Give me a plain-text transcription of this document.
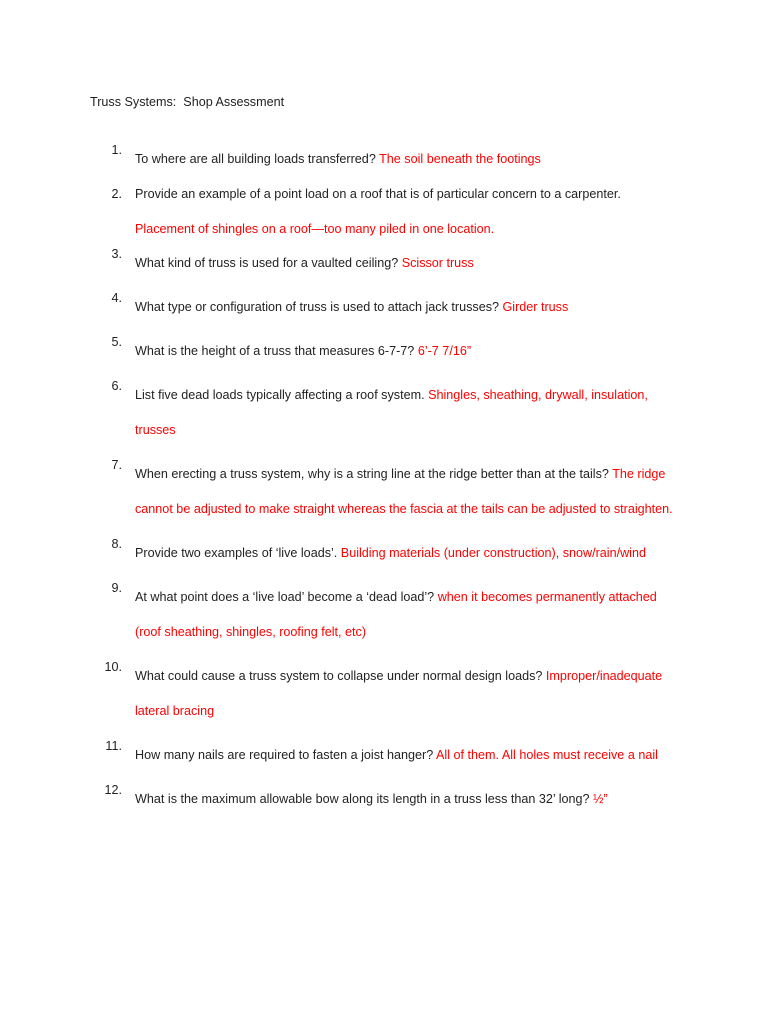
Truss Systems:  Shop Assessment
1.
To where are all building loads transferred? The soil beneath the footings
2. Provide an example of a point load on a roof that is of particular concern to a carpenter.
Placement of shingles on a roof—too many piled in one location.
3.
What kind of truss is used for a vaulted ceiling? Scissor truss
4.
What type or configuration of truss is used to attach jack trusses? Girder truss
5.
What is the height of a truss that measures 6-7-7? 6’-7 7/16”
6.
List five dead loads typically affecting a roof system. Shingles, sheathing, drywall, insulation, trusses
7.
When erecting a truss system, why is a string line at the ridge better than at the tails? The ridge cannot be adjusted to make straight whereas the fascia at the tails can be adjusted to straighten.
8.
Provide two examples of ‘live loads’. Building materials (under construction), snow/rain/wind
9.
At what point does a ‘live load’ become a ‘dead load’? when it becomes permanently attached (roof sheathing, shingles, roofing felt, etc)
10.
What could cause a truss system to collapse under normal design loads? Improper/inadequate lateral bracing
11.
How many nails are required to fasten a joist hanger? All of them. All holes must receive a nail
12.
What is the maximum allowable bow along its length in a truss less than 32’ long? ½”
